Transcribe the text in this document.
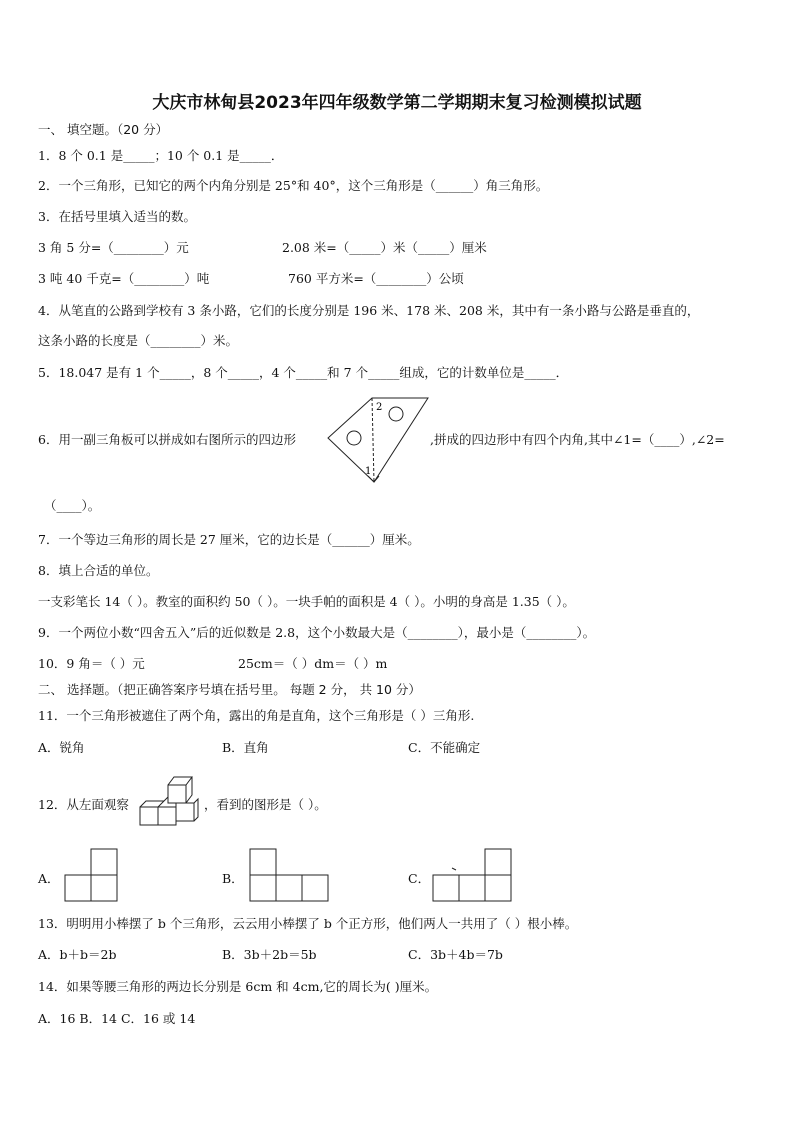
大庆市林甸县2023年四年级数学第二学期期末复习检测模拟试题
一、 填空题。（20 分）
1．8 个 0.1 是_____；10 个 0.1 是_____．
2．一个三角形，已知它的两个内角分别是 25°和 40°，这个三角形是（______）角三角形。
3．在括号里填入适当的数。
3 角 5 分=（________）元	2.08 米=（_____）米（_____）厘米
3 吨 40 千克=（________）吨	760 平方米=（________）公顷
4．从笔直的公路到学校有 3 条小路，它们的长度分别是 196 米、178 米、208 米，其中有一条小路与公路是垂直的，
这条小路的长度是（________）米。
5．18.047 是有 1 个_____，8 个_____，4 个_____和 7 个_____组成，它的计数单位是_____．
6．用一副三角板可以拼成如右图所示的四边形
2
1
,拼成的四边形中有四个内角,其中∠1=（____）,∠2=
（____）。
7．一个等边三角形的周长是 27 厘米，它的边长是（______）厘米。
8．填上合适的单位。
一支彩笔长 14（ ）。教室的面积约 50（ ）。一块手帕的面积是 4（ ）。小明的身高是 1.35（ ）。
9．一个两位小数“四舍五入”后的近似数是 2.8，这个小数最大是（________），最小是（________）。
10．9 角＝（ ）元	25cm＝（ ）dm＝（ ）m
二、 选择题。（把正确答案序号填在括号里。 每题 2 分， 共 10 分）
11．一个三角形被遮住了两个角，露出的角是直角，这个三角形是（ ）三角形.
A．锐角	B．直角	C．不能确定
12．从左面观察	，看到的图形是（ ）。
A．	B．	C．
13．明明用小棒摆了 b 个三角形，云云用小棒摆了 b 个正方形，他们两人一共用了（ ）根小棒。
A．b＋b＝2b	B．3b＋2b＝5b	C．3b＋4b＝7b
14．如果等腰三角形的两边长分别是 6cm 和 4cm,它的周长为( )厘米。
A．16 B．14 C．16 或 14
